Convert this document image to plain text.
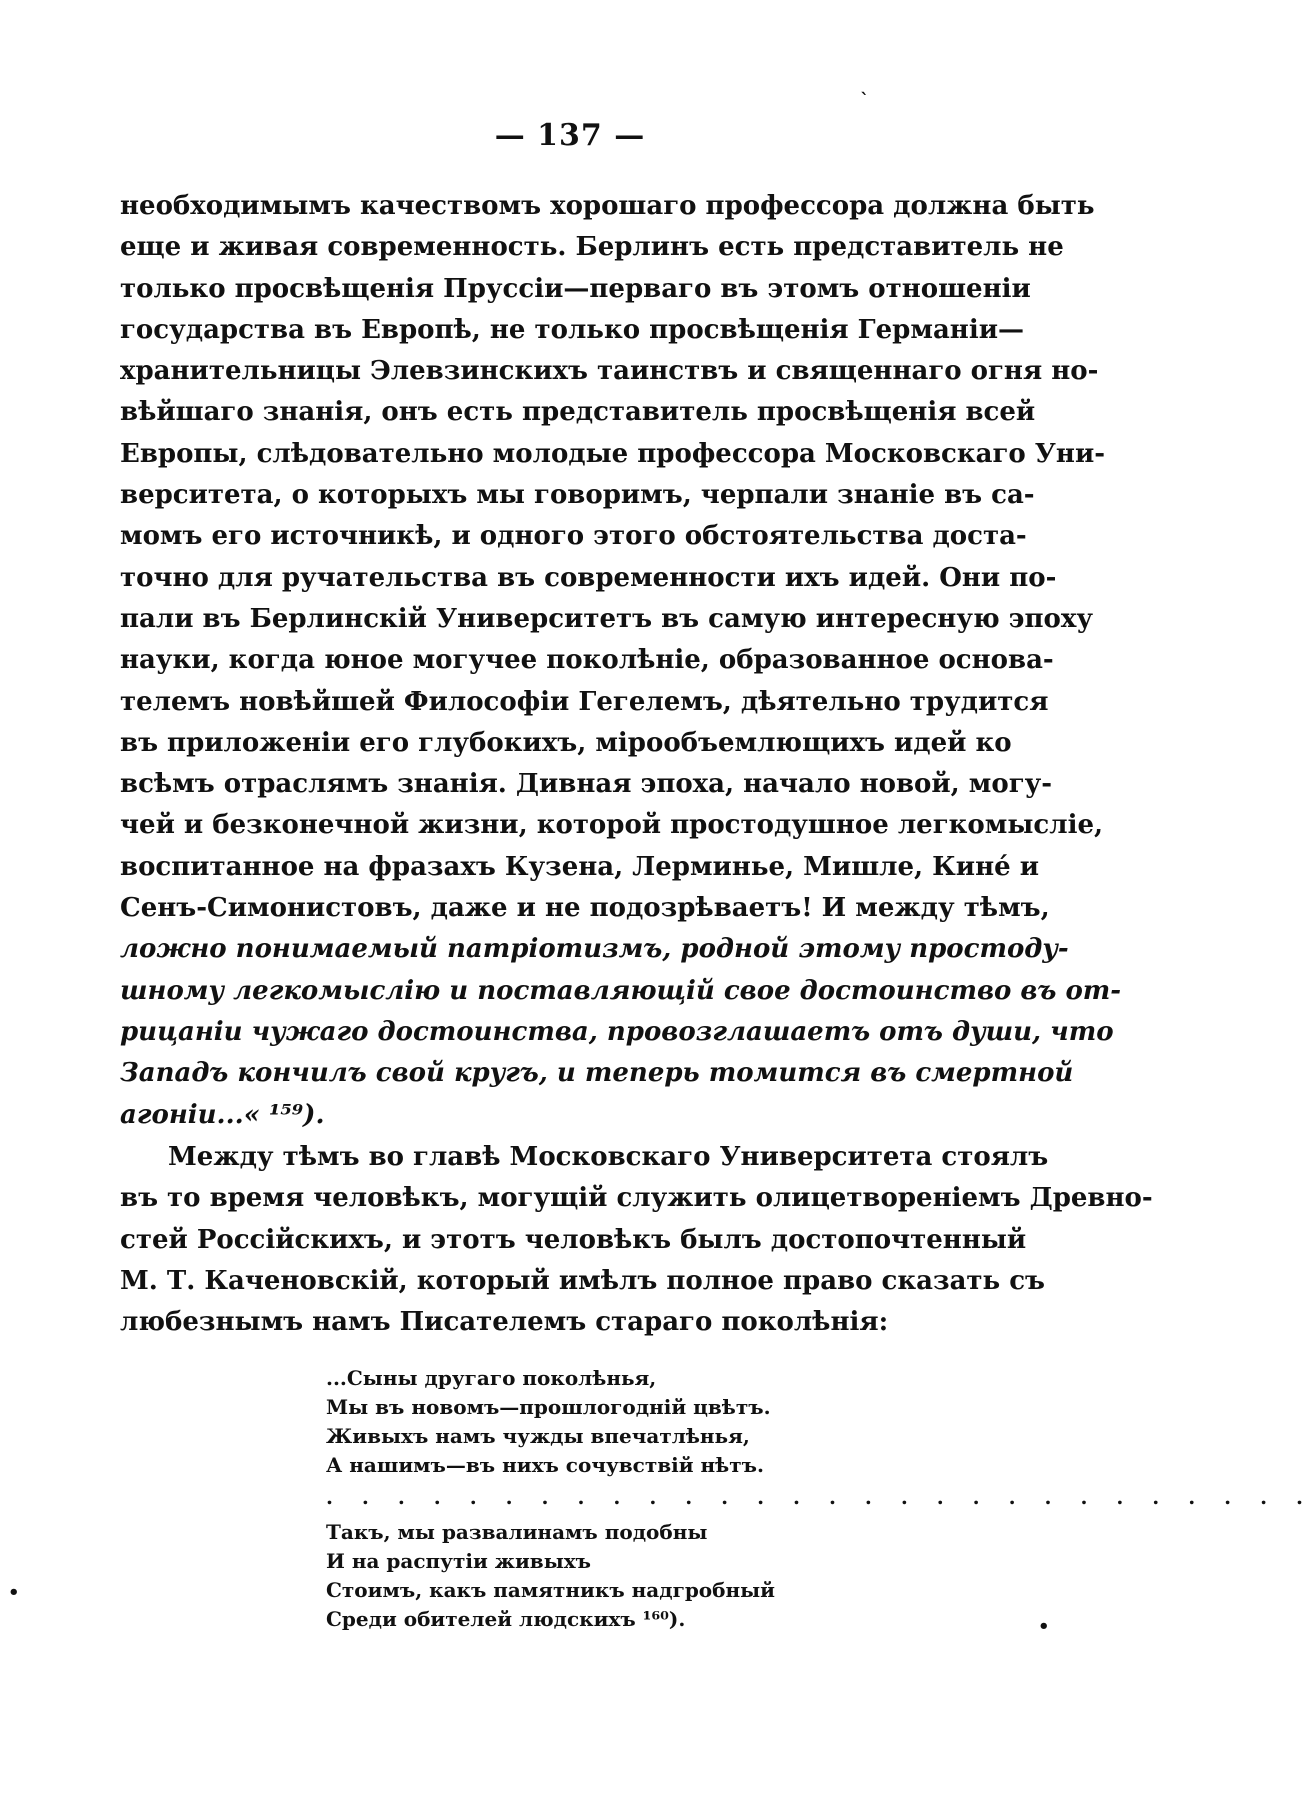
— 137 —
ˋ
•
•
необходимымъ качествомъ хорошаго профессора должна быть
еще и живая современность. Берлинъ есть представитель не
только просвѣщенія Пруссіи—перваго въ этомъ отношеніи
государства въ Европѣ, не только просвѣщенія Германіи—
хранительницы Элевзинскихъ таинствъ и священнаго огня но-
вѣйшаго знанія, онъ есть представитель просвѣщенія всей
Европы, слѣдовательно молодые профессора Московскаго Уни-
верситета, о которыхъ мы говоримъ, черпали знаніе въ са-
момъ его источникѣ, и одного этого обстоятельства доста-
точно для ручательства въ современности ихъ идей. Они по-
пали въ Берлинскій Университетъ въ самую интересную эпоху
науки, когда юное могучее поколѣніе, образованное основа-
телемъ новѣйшей Философіи Гегелемъ, дѣятельно трудится
въ приложеніи его глубокихъ, мірообъемлющихъ идей ко
всѣмъ отраслямъ знанія. Дивная эпоха, начало новой, могу-
чей и безконечной жизни, которой простодушное легкомысліе,
воспитанное на фразахъ Кузена, Лерминье, Мишле, Кинé и
Сенъ-Симонистовъ, даже и не подозрѣваетъ! И между тѣмъ,
ложно понимаемый патріотизмъ, родной этому простоду-
шному легкомыслію и поставляющій свое достоинство въ от-
рицаніи чужаго достоинства, провозглашаетъ отъ души, что
Западъ кончилъ свой кругъ, и теперь томится въ смертной
агоніи...« ¹⁵⁹).
Между тѣмъ во главѣ Московскаго Университета стоялъ
въ то время человѣкъ, могущій служить олицетвореніемъ Древно-
стей Россійскихъ, и этотъ человѣкъ былъ достопочтенный
М. Т. Каченовскій, который имѣлъ полное право сказать съ
любезнымъ намъ Писателемъ стараго поколѣнія:
...Сыны другаго поколѣнья,
Мы въ новомъ—прошлогодній цвѣтъ.
Живыхъ намъ чужды впечатлѣнья,
А нашимъ—въ нихъ сочувствій нѣтъ.
. . . . . . . . . . . . . . . . . . . . . . . . . . . .
Такъ, мы развалинамъ подобны
И на распутіи живыхъ
Стоимъ, какъ памятникъ надгробный
Среди обителей людскихъ ¹⁶⁰).
